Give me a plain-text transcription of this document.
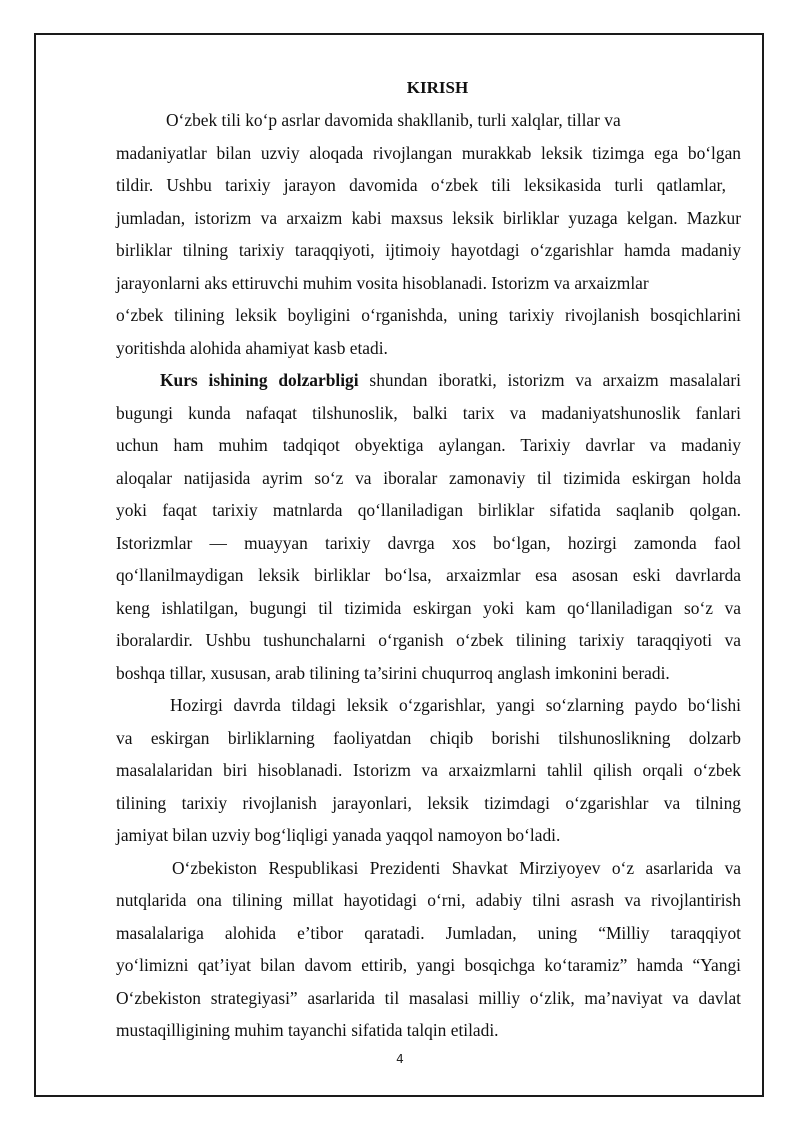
KIRISH
O‘zbek tili ko‘p asrlar davomida shakllanib, turli xalqlar, tillar va
madaniyatlar bilan uzviy aloqada rivojlangan murakkab leksik tizimga ega bo‘lgan
tildir. Ushbu tarixiy jarayon davomida o‘zbek tili leksikasida turli qatlamlar,
jumladan, istorizm va arxaizm kabi maxsus leksik birliklar yuzaga kelgan. Mazkur
birliklar tilning tarixiy taraqqiyoti, ijtimoiy hayotdagi o‘zgarishlar hamda madaniy
jarayonlarni aks ettiruvchi muhim vosita hisoblanadi. Istorizm va arxaizmlar
o‘zbek tilining leksik boyligini o‘rganishda, uning tarixiy rivojlanish bosqichlarini
yoritishda alohida ahamiyat kasb etadi.
Kurs ishining dolzarbligi shundan iboratki, istorizm va arxaizm masalalari
bugungi kunda nafaqat tilshunoslik, balki tarix va madaniyatshunoslik fanlari
uchun ham muhim tadqiqot obyektiga aylangan. Tarixiy davrlar va madaniy
aloqalar natijasida ayrim so‘z va iboralar zamonaviy til tizimida eskirgan holda
yoki faqat tarixiy matnlarda qo‘llaniladigan birliklar sifatida saqlanib qolgan.
Istorizmlar — muayyan tarixiy davrga xos bo‘lgan, hozirgi zamonda faol
qo‘llanilmaydigan leksik birliklar bo‘lsa, arxaizmlar esa asosan eski davrlarda
keng ishlatilgan, bugungi til tizimida eskirgan yoki kam qo‘llaniladigan so‘z va
iboralardir. Ushbu tushunchalarni o‘rganish o‘zbek tilining tarixiy taraqqiyoti va
boshqa tillar, xususan, arab tilining ta’sirini chuqurroq anglash imkonini beradi.
Hozirgi davrda tildagi leksik o‘zgarishlar, yangi so‘zlarning paydo bo‘lishi
va eskirgan birliklarning faoliyatdan chiqib borishi tilshunoslikning dolzarb
masalalaridan biri hisoblanadi. Istorizm va arxaizmlarni tahlil qilish orqali o‘zbek
tilining tarixiy rivojlanish jarayonlari, leksik tizimdagi o‘zgarishlar va tilning
jamiyat bilan uzviy bog‘liqligi yanada yaqqol namoyon bo‘ladi.
O‘zbekiston Respublikasi Prezidenti Shavkat Mirziyoyev o‘z asarlarida va
nutqlarida ona tilining millat hayotidagi o‘rni, adabiy tilni asrash va rivojlantirish
masalalariga alohida e’tibor qaratadi. Jumladan, uning “Milliy taraqqiyot
yo‘limizni qat’iyat bilan davom ettirib, yangi bosqichga ko‘taramiz” hamda “Yangi
O‘zbekiston strategiyasi” asarlarida til masalasi milliy o‘zlik, ma’naviyat va davlat
mustaqilligining muhim tayanchi sifatida talqin etiladi.
4
